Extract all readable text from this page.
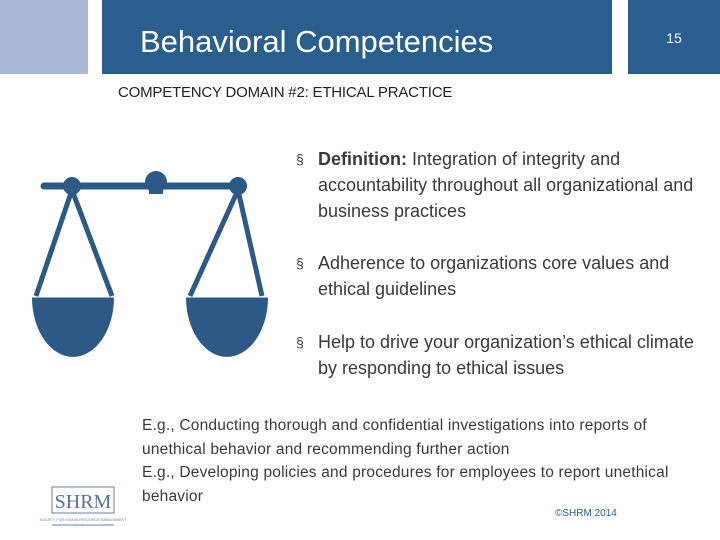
Behavioral Competencies	15
COMPETENCY DOMAIN #2: ETHICAL PRACTICE
§ Definition: Integration of integrity and accountability throughout all organizational and business practices
§ Adherence to organizations core values and ethical guidelines
§ Help to drive your organization’s ethical climate by responding to ethical issues
E.g., Conducting thorough and confidential investigations into reports of unethical behavior and recommending further action
E.g., Developing policies and procedures for employees to report unethical behavior
SHRM
SOCIETY FOR HUMAN RESOURCE MANAGEMENT
©SHRM 2014
